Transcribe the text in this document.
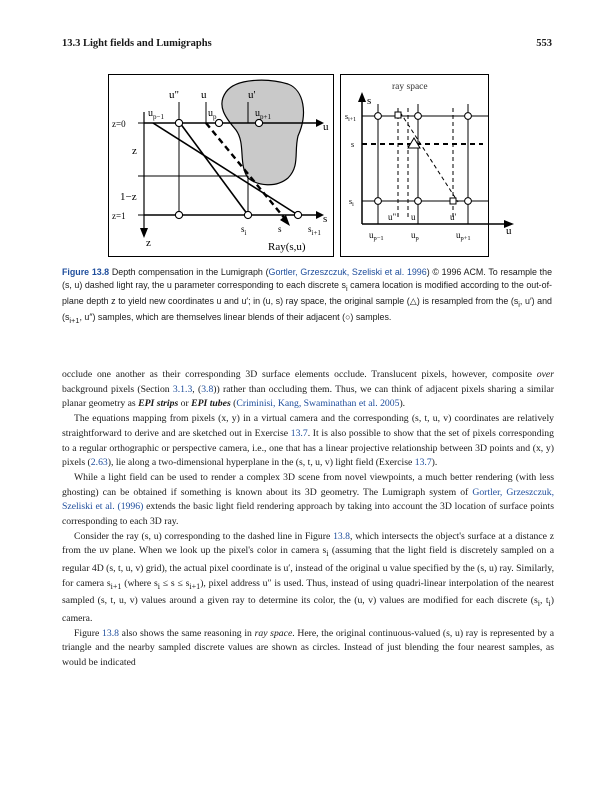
13.3 Light fields and Lumigraphs	553
u" u	u'
$u_{p-1}$	$u_p$	$u_{p+1}$
u
z=0
z
1−z
z=1
z
s
$s_i$	s	$s_{i+1}$
Ray(s,u)
ray space
s
u
$s_{i+1}$
s
$s_i$
u" u	u'
$u_{p-1}$	$u_p$	$u_{p+1}$
Figure 13.8 Depth compensation in the Lumigraph (Gortler, Grzeszczuk, Szeliski et al. 1996) © 1996 ACM. To resample the (s, u) dashed light ray, the u parameter corresponding to each discrete $s_i$ camera location is modified according to the out-of-plane depth z to yield new coordinates u and u′; in (u, s) ray space, the original sample (△) is resampled from the ($s_i$, u′) and ($s_{i+1}$, u″) samples, which are themselves linear blends of their adjacent (○) samples.

occlude one another as their corresponding 3D surface elements occlude. Translucent pixels, however, composite over background pixels (Section 3.1.3, (3.8)) rather than occluding them. Thus, we can think of adjacent pixels sharing a similar planar geometry as EPI strips or EPI tubes (Criminisi, Kang, Swaminathan et al. 2005).

The equations mapping from pixels (x, y) in a virtual camera and the corresponding (s, t, u, v) coordinates are relatively straightforward to derive and are sketched out in Exercise 13.7. It is also possible to show that the set of pixels corresponding to a regular orthographic or perspective camera, i.e., one that has a linear projective relationship between 3D points and (x, y) pixels (2.63), lie along a two-dimensional hyperplane in the (s, t, u, v) light field (Exercise 13.7).

While a light field can be used to render a complex 3D scene from novel viewpoints, a much better rendering (with less ghosting) can be obtained if something is known about its 3D geometry. The Lumigraph system of Gortler, Grzeszczuk, Szeliski et al. (1996) extends the basic light field rendering approach by taking into account the 3D location of surface points corresponding to each 3D ray.

Consider the ray (s, u) corresponding to the dashed line in Figure 13.8, which intersects the object's surface at a distance z from the uv plane. When we look up the pixel's color in camera $s_i$ (assuming that the light field is discretely sampled on a regular 4D (s, t, u, v) grid), the actual pixel coordinate is u′, instead of the original u value specified by the (s, u) ray. Similarly, for camera $s_{i+1}$ (where $s_i \le s \le s_{i+1}$), pixel address u″ is used. Thus, instead of using quadri-linear interpolation of the nearest sampled (s, t, u, v) values around a given ray to determine its color, the (u, v) values are modified for each discrete ($s_i$, $t_i$) camera.

Figure 13.8 also shows the same reasoning in ray space. Here, the original continuous-valued (s, u) ray is represented by a triangle and the nearby sampled discrete values are shown as circles. Instead of just blending the four nearest samples, as would be indicated
